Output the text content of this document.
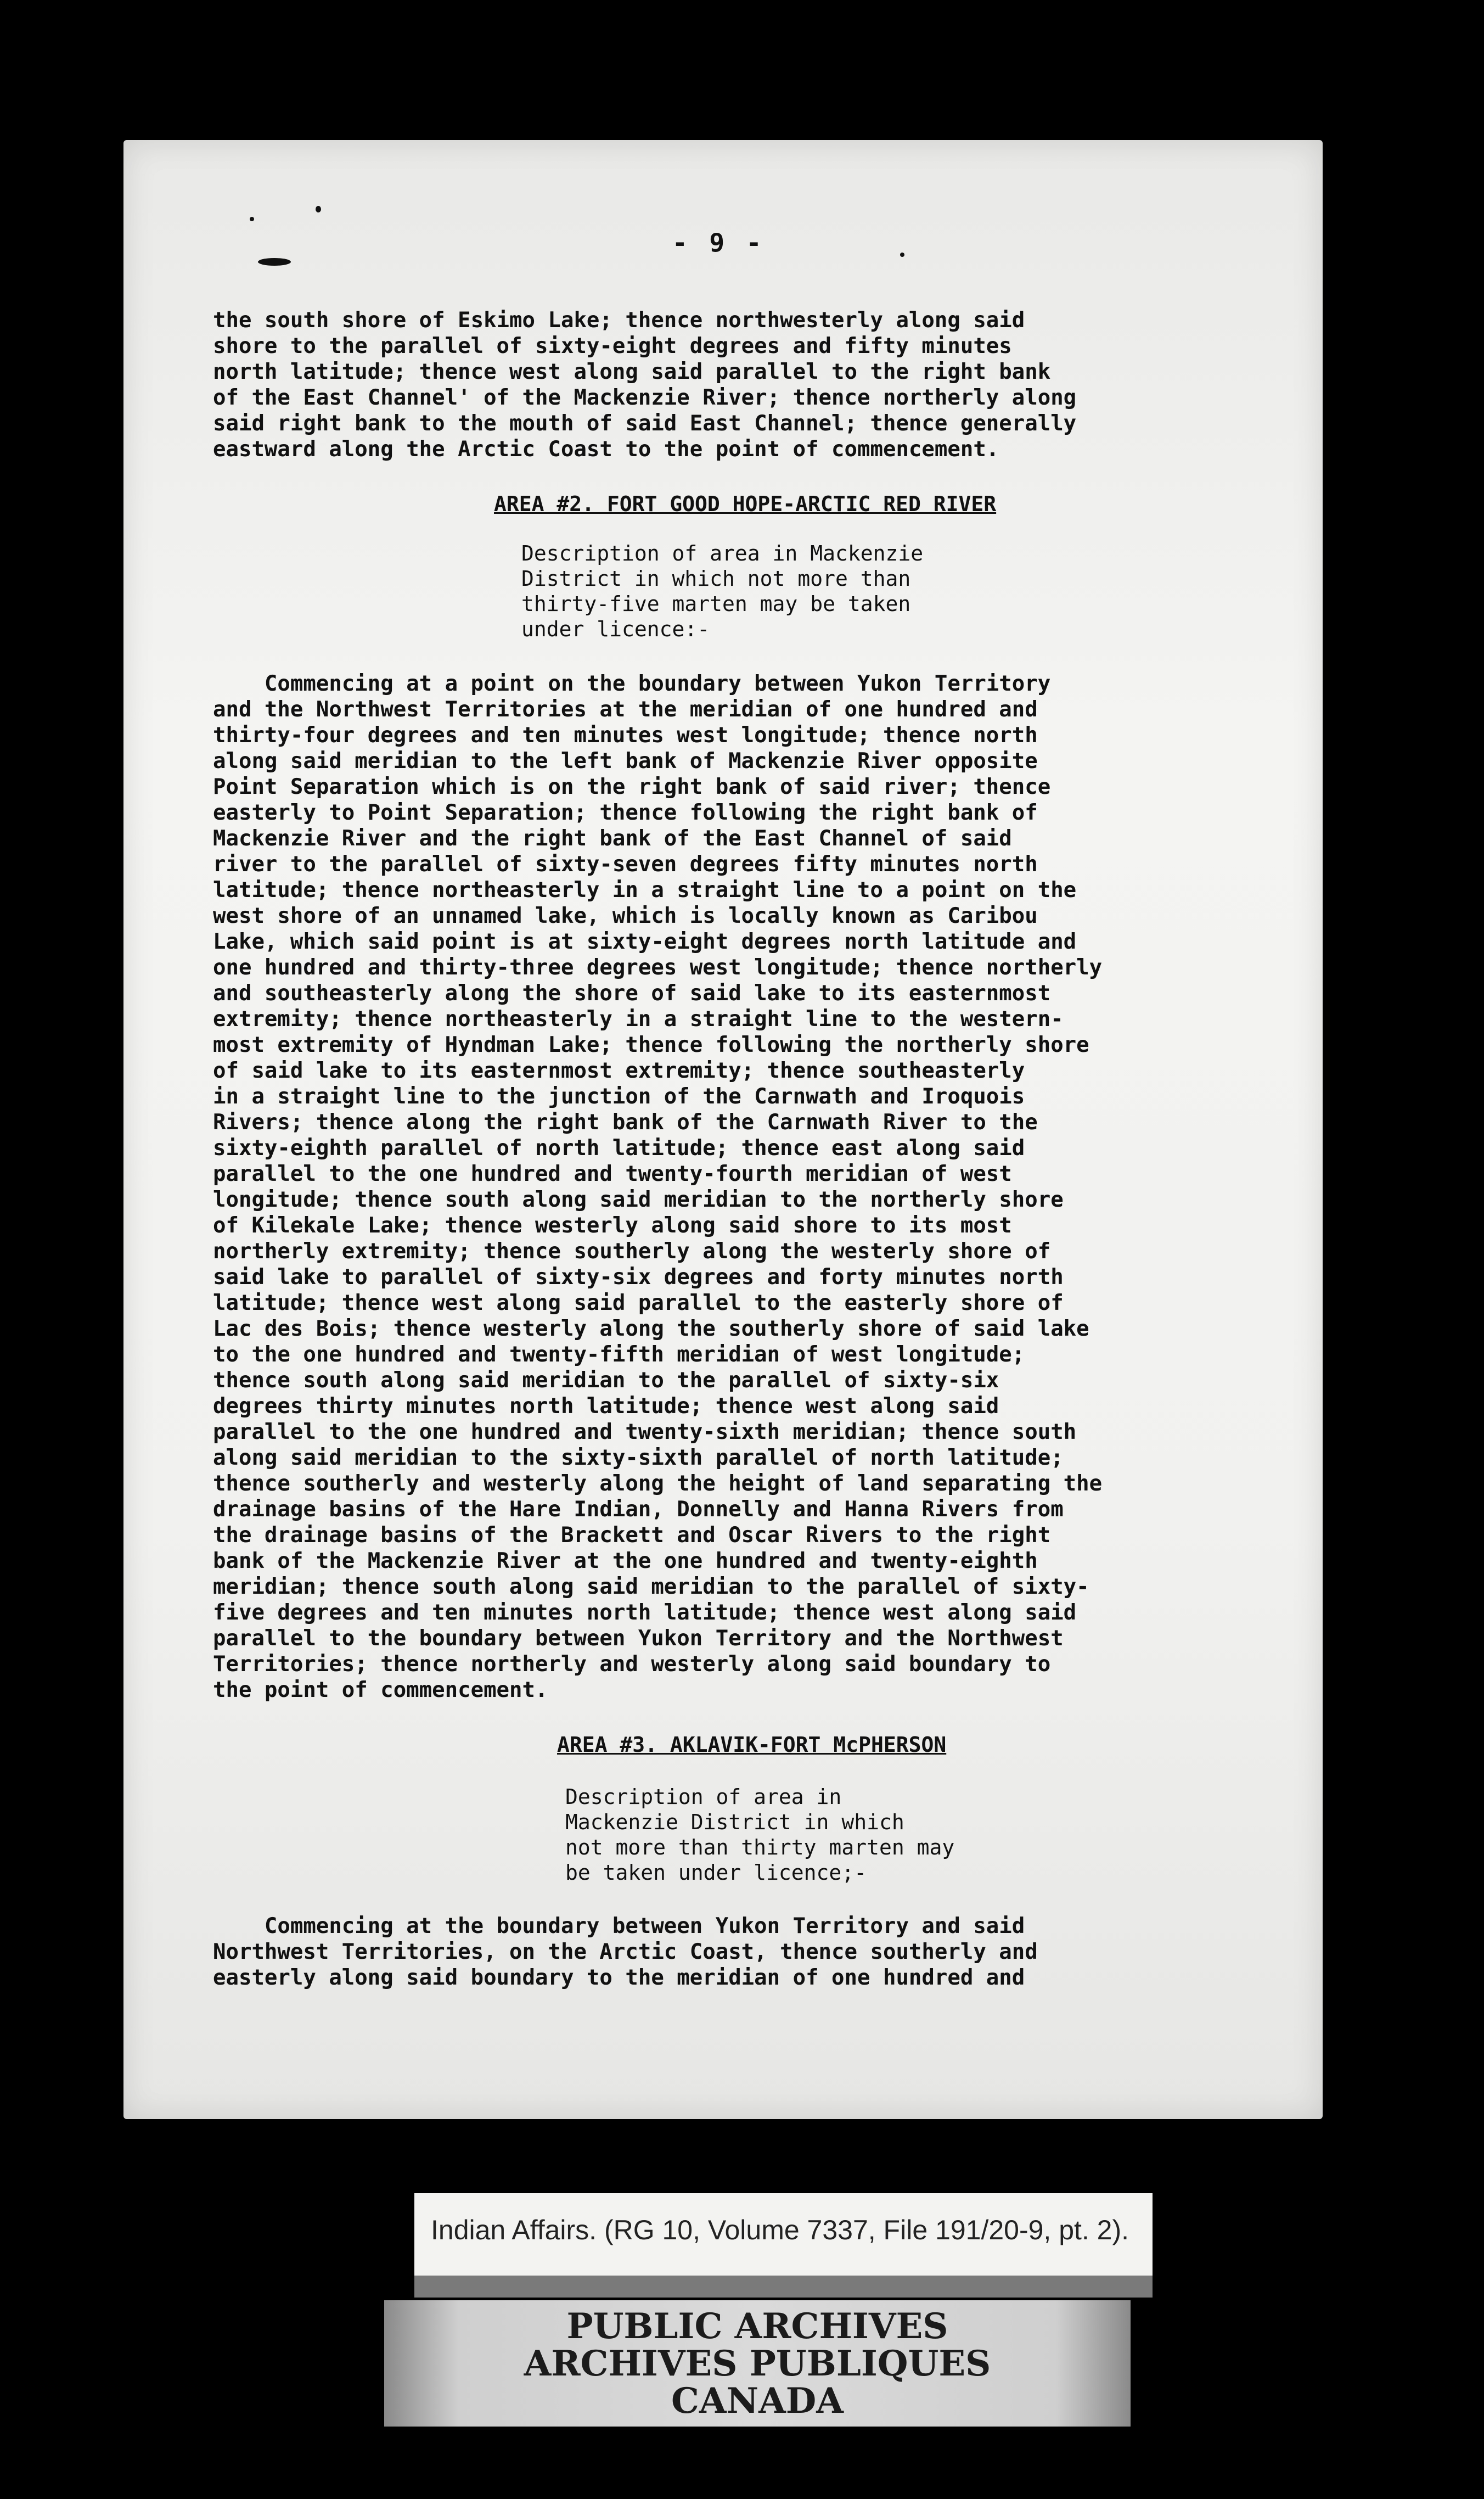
- 9 -
the south shore of Eskimo Lake; thence northwesterly along said
shore to the parallel of sixty-eight degrees and fifty minutes
north latitude; thence west along said parallel to the right bank
of the East Channel' of the Mackenzie River; thence northerly along
said right bank to the mouth of said East Channel; thence generally
eastward along the Arctic Coast to the point of commencement.
AREA #2. FORT GOOD HOPE-ARCTIC RED RIVER
Description of area in Mackenzie
District in which not more than
thirty-five marten may be taken
under licence:-
Commencing at a point on the boundary between Yukon Territory
and the Northwest Territories at the meridian of one hundred and
thirty-four degrees and ten minutes west longitude; thence north
along said meridian to the left bank of Mackenzie River opposite
Point Separation which is on the right bank of said river; thence
easterly to Point Separation; thence following the right bank of
Mackenzie River and the right bank of the East Channel of said
river to the parallel of sixty-seven degrees fifty minutes north
latitude; thence northeasterly in a straight line to a point on the
west shore of an unnamed lake, which is locally known as Caribou
Lake, which said point is at sixty-eight degrees north latitude and
one hundred and thirty-three degrees west longitude; thence northerly
and southeasterly along the shore of said lake to its easternmost
extremity; thence northeasterly in a straight line to the western-
most extremity of Hyndman Lake; thence following the northerly shore
of said lake to its easternmost extremity; thence southeasterly
in a straight line to the junction of the Carnwath and Iroquois
Rivers; thence along the right bank of the Carnwath River to the
sixty-eighth parallel of north latitude; thence east along said
parallel to the one hundred and twenty-fourth meridian of west
longitude; thence south along said meridian to the northerly shore
of Kilekale Lake; thence westerly along said shore to its most
northerly extremity; thence southerly along the westerly shore of
said lake to parallel of sixty-six degrees and forty minutes north
latitude; thence west along said parallel to the easterly shore of
Lac des Bois; thence westerly along the southerly shore of said lake
to the one hundred and twenty-fifth meridian of west longitude;
thence south along said meridian to the parallel of sixty-six
degrees thirty minutes north latitude; thence west along said
parallel to the one hundred and twenty-sixth meridian; thence south
along said meridian to the sixty-sixth parallel of north latitude;
thence southerly and westerly along the height of land separating the
drainage basins of the Hare Indian, Donnelly and Hanna Rivers from
the drainage basins of the Brackett and Oscar Rivers to the right
bank of the Mackenzie River at the one hundred and twenty-eighth
meridian; thence south along said meridian to the parallel of sixty-
five degrees and ten minutes north latitude; thence west along said
parallel to the boundary between Yukon Territory and the Northwest
Territories; thence northerly and westerly along said boundary to
the point of commencement.
AREA #3. AKLAVIK-FORT McPHERSON
Description of area in
Mackenzie District in which
not more than thirty marten may
be taken under licence;-
Commencing at the boundary between Yukon Territory and said
Northwest Territories, on the Arctic Coast, thence southerly and
easterly along said boundary to the meridian of one hundred and
Indian Affairs. (RG 10, Volume 7337, File 191/20-9, pt. 2).
PUBLIC ARCHIVES
ARCHIVES PUBLIQUES
CANADA
